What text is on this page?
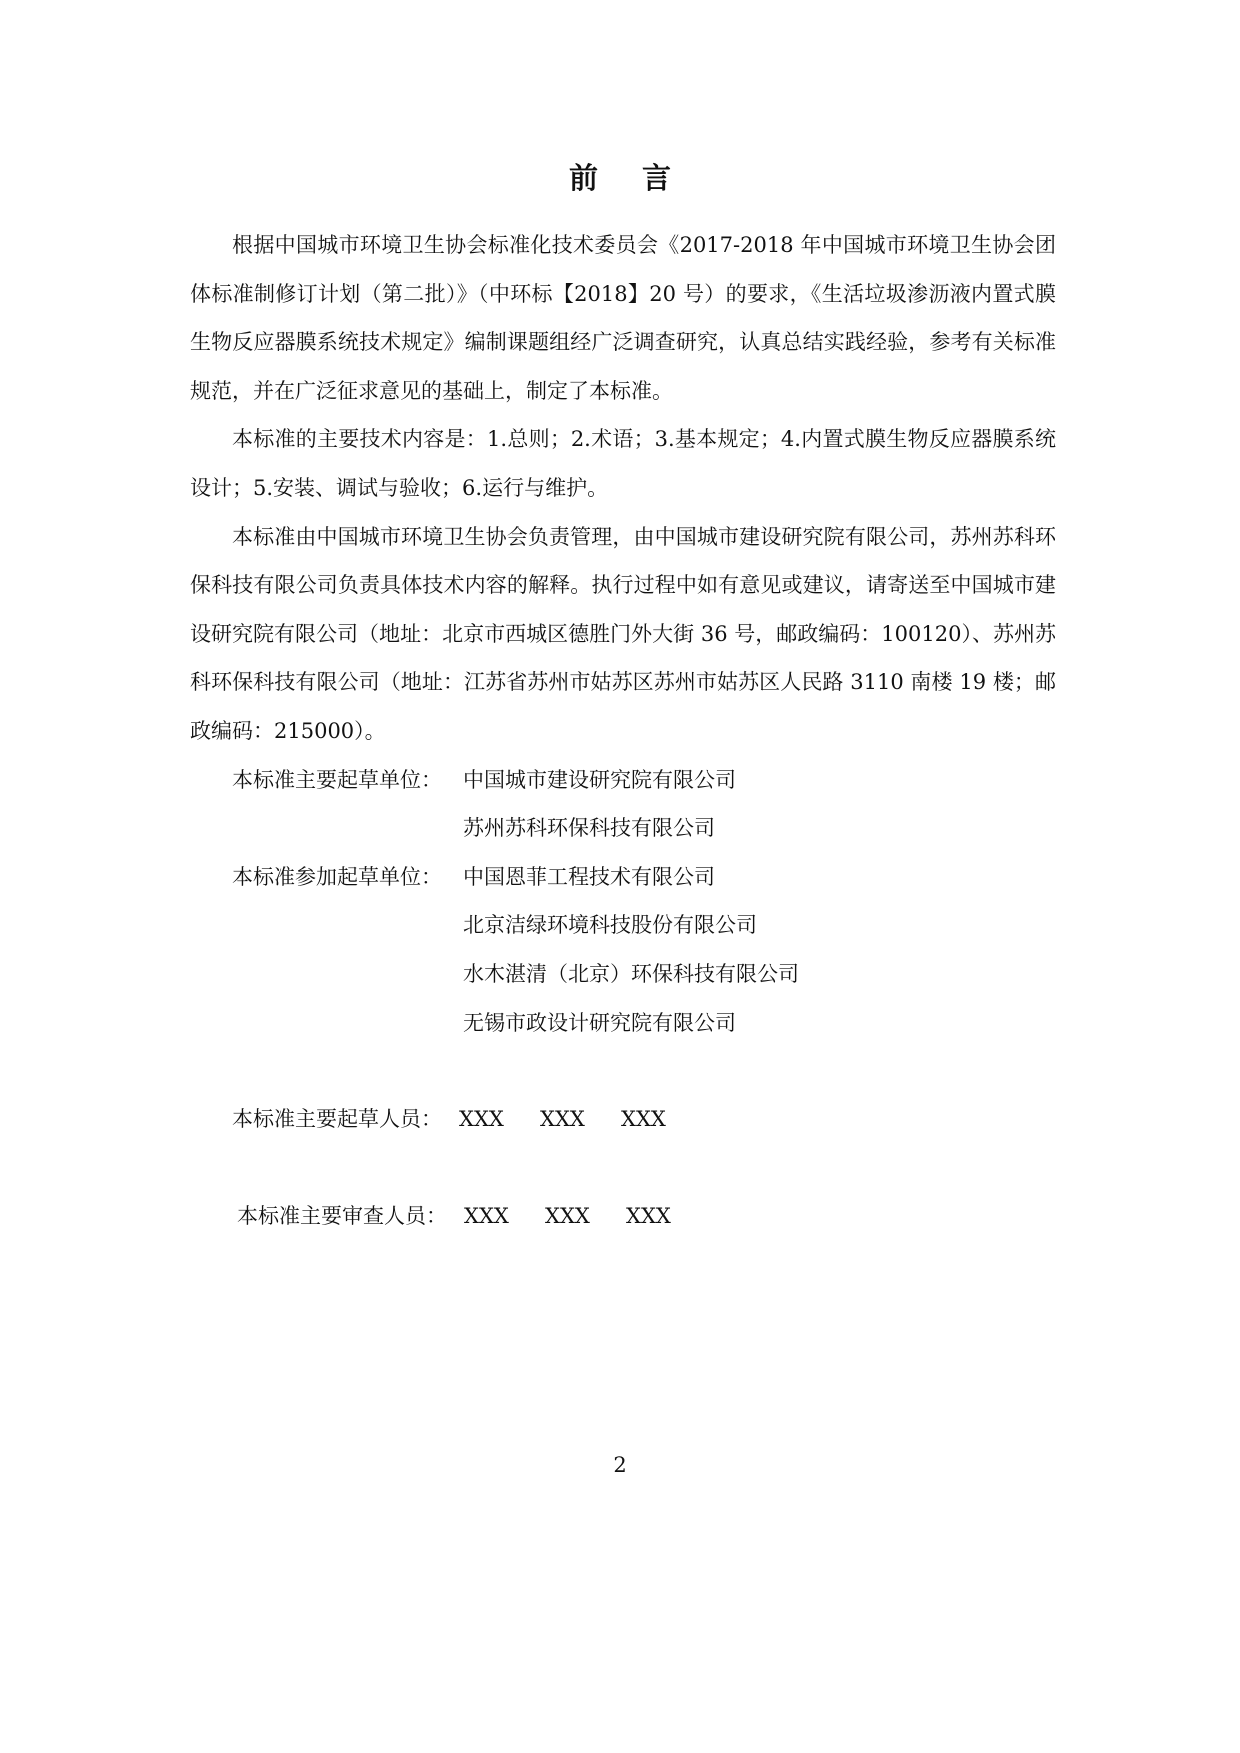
前言

根据中国城市环境卫生协会标准化技术委员会《2017-2018 年中国城市环境卫生协会团体标准制修订计划（第二批）》（中环标【2018】20 号）的要求，《生活垃圾渗沥液内置式膜生物反应器膜系统技术规定》编制课题组经广泛调查研究，认真总结实践经验，参考有关标准规范，并在广泛征求意见的基础上，制定了本标准。

本标准的主要技术内容是：1.总则；2.术语；3.基本规定；4.内置式膜生物反应器膜系统设计；5.安装、调试与验收；6.运行与维护。

本标准由中国城市环境卫生协会负责管理，由中国城市建设研究院有限公司，苏州苏科环保科技有限公司负责具体技术内容的解释。执行过程中如有意见或建议，请寄送至中国城市建设研究院有限公司（地址：北京市西城区德胜门外大街 36 号，邮政编码：100120）、苏州苏科环保科技有限公司（地址：江苏省苏州市姑苏区苏州市姑苏区人民路 3110 南楼 19 楼；邮政编码：215000）。

本标准主要起草单位： 中国城市建设研究院有限公司
苏州苏科环保科技有限公司
本标准参加起草单位： 中国恩菲工程技术有限公司
北京洁绿环境科技股份有限公司
水木湛清（北京）环保科技有限公司
无锡市政设计研究院有限公司
本标准主要起草人员： XXX XXX XXX
本标准主要审查人员： XXX XXX XXX
2
